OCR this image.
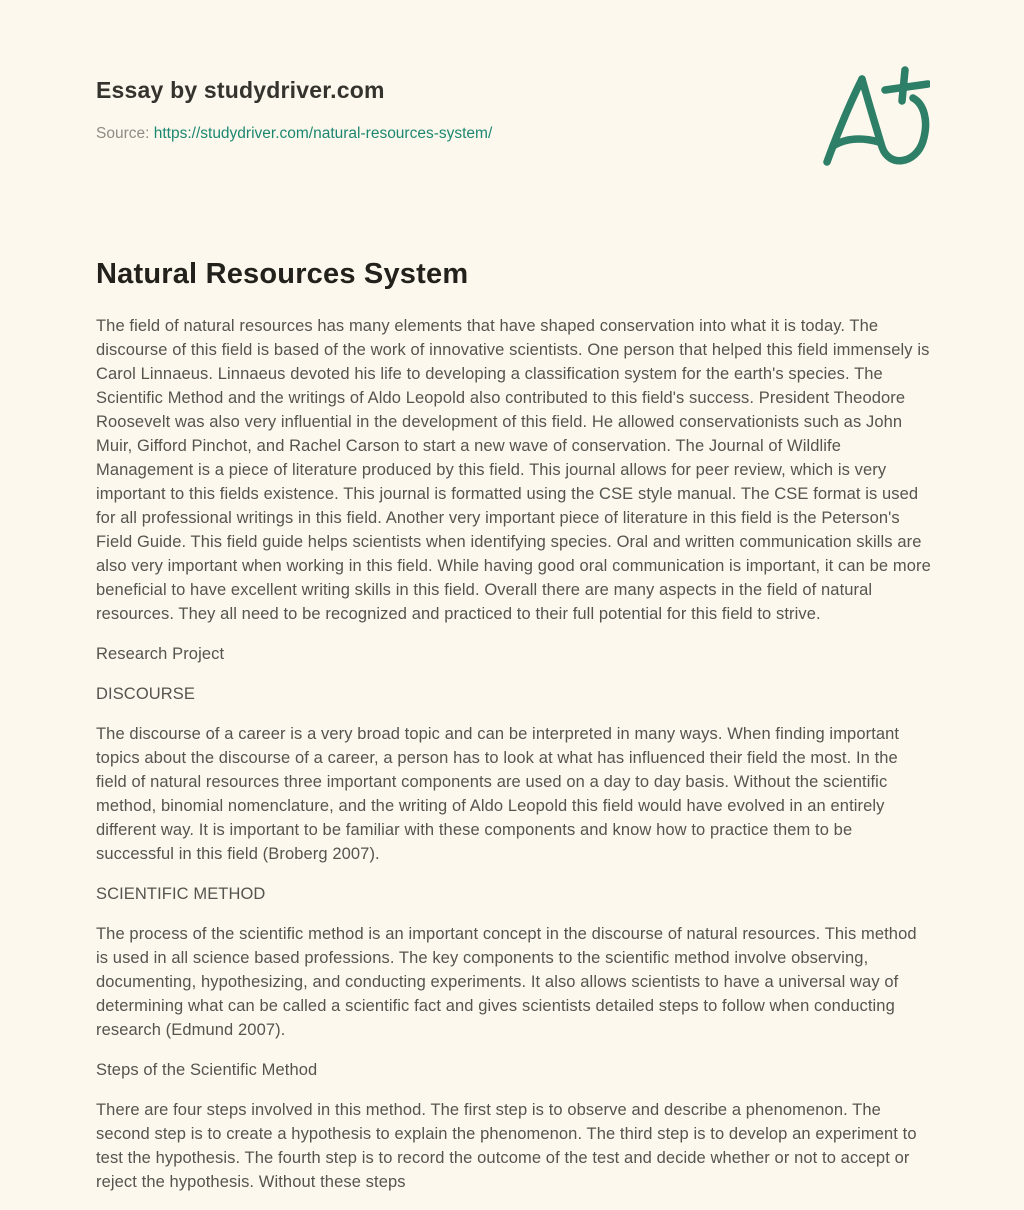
Essay by studydriver.com
Source: https://studydriver.com/natural-resources-system/
Natural Resources System

The field of natural resources has many elements that have shaped conservation into what it is today. The discourse of this field is based of the work of innovative scientists. One person that helped this field immensely is Carol Linnaeus. Linnaeus devoted his life to developing a classification system for the earth's species. The Scientific Method and the writings of Aldo Leopold also contributed to this field's success. President Theodore Roosevelt was also very influential in the development of this field. He allowed conservationists such as John Muir, Gifford Pinchot, and Rachel Carson to start a new wave of conservation. The Journal of Wildlife Management is a piece of literature produced by this field. This journal allows for peer review, which is very important to this fields existence. This journal is formatted using the CSE style manual. The CSE format is used for all professional writings in this field. Another very important piece of literature in this field is the Peterson's Field Guide. This field guide helps scientists when identifying species. Oral and written communication skills are also very important when working in this field. While having good oral communication is important, it can be more beneficial to have excellent writing skills in this field. Overall there are many aspects in the field of natural resources. They all need to be recognized and practiced to their full potential for this field to strive.

Research Project

DISCOURSE

The discourse of a career is a very broad topic and can be interpreted in many ways. When finding important topics about the discourse of a career, a person has to look at what has influenced their field the most. In the field of natural resources three important components are used on a day to day basis. Without the scientific method, binomial nomenclature, and the writing of Aldo Leopold this field would have evolved in an entirely different way. It is important to be familiar with these components and know how to practice them to be successful in this field (Broberg 2007).

SCIENTIFIC METHOD

The process of the scientific method is an important concept in the discourse of natural resources. This method is used in all science based professions. The key components to the scientific method involve observing, documenting, hypothesizing, and conducting experiments. It also allows scientists to have a universal way of determining what can be called a scientific fact and gives scientists detailed steps to follow when conducting research (Edmund 2007).

Steps of the Scientific Method

There are four steps involved in this method. The first step is to observe and describe a phenomenon. The second step is to create a hypothesis to explain the phenomenon. The third step is to develop an experiment to test the hypothesis. The fourth step is to record the outcome of the test and decide whether or not to accept or reject the hypothesis. Without these steps
